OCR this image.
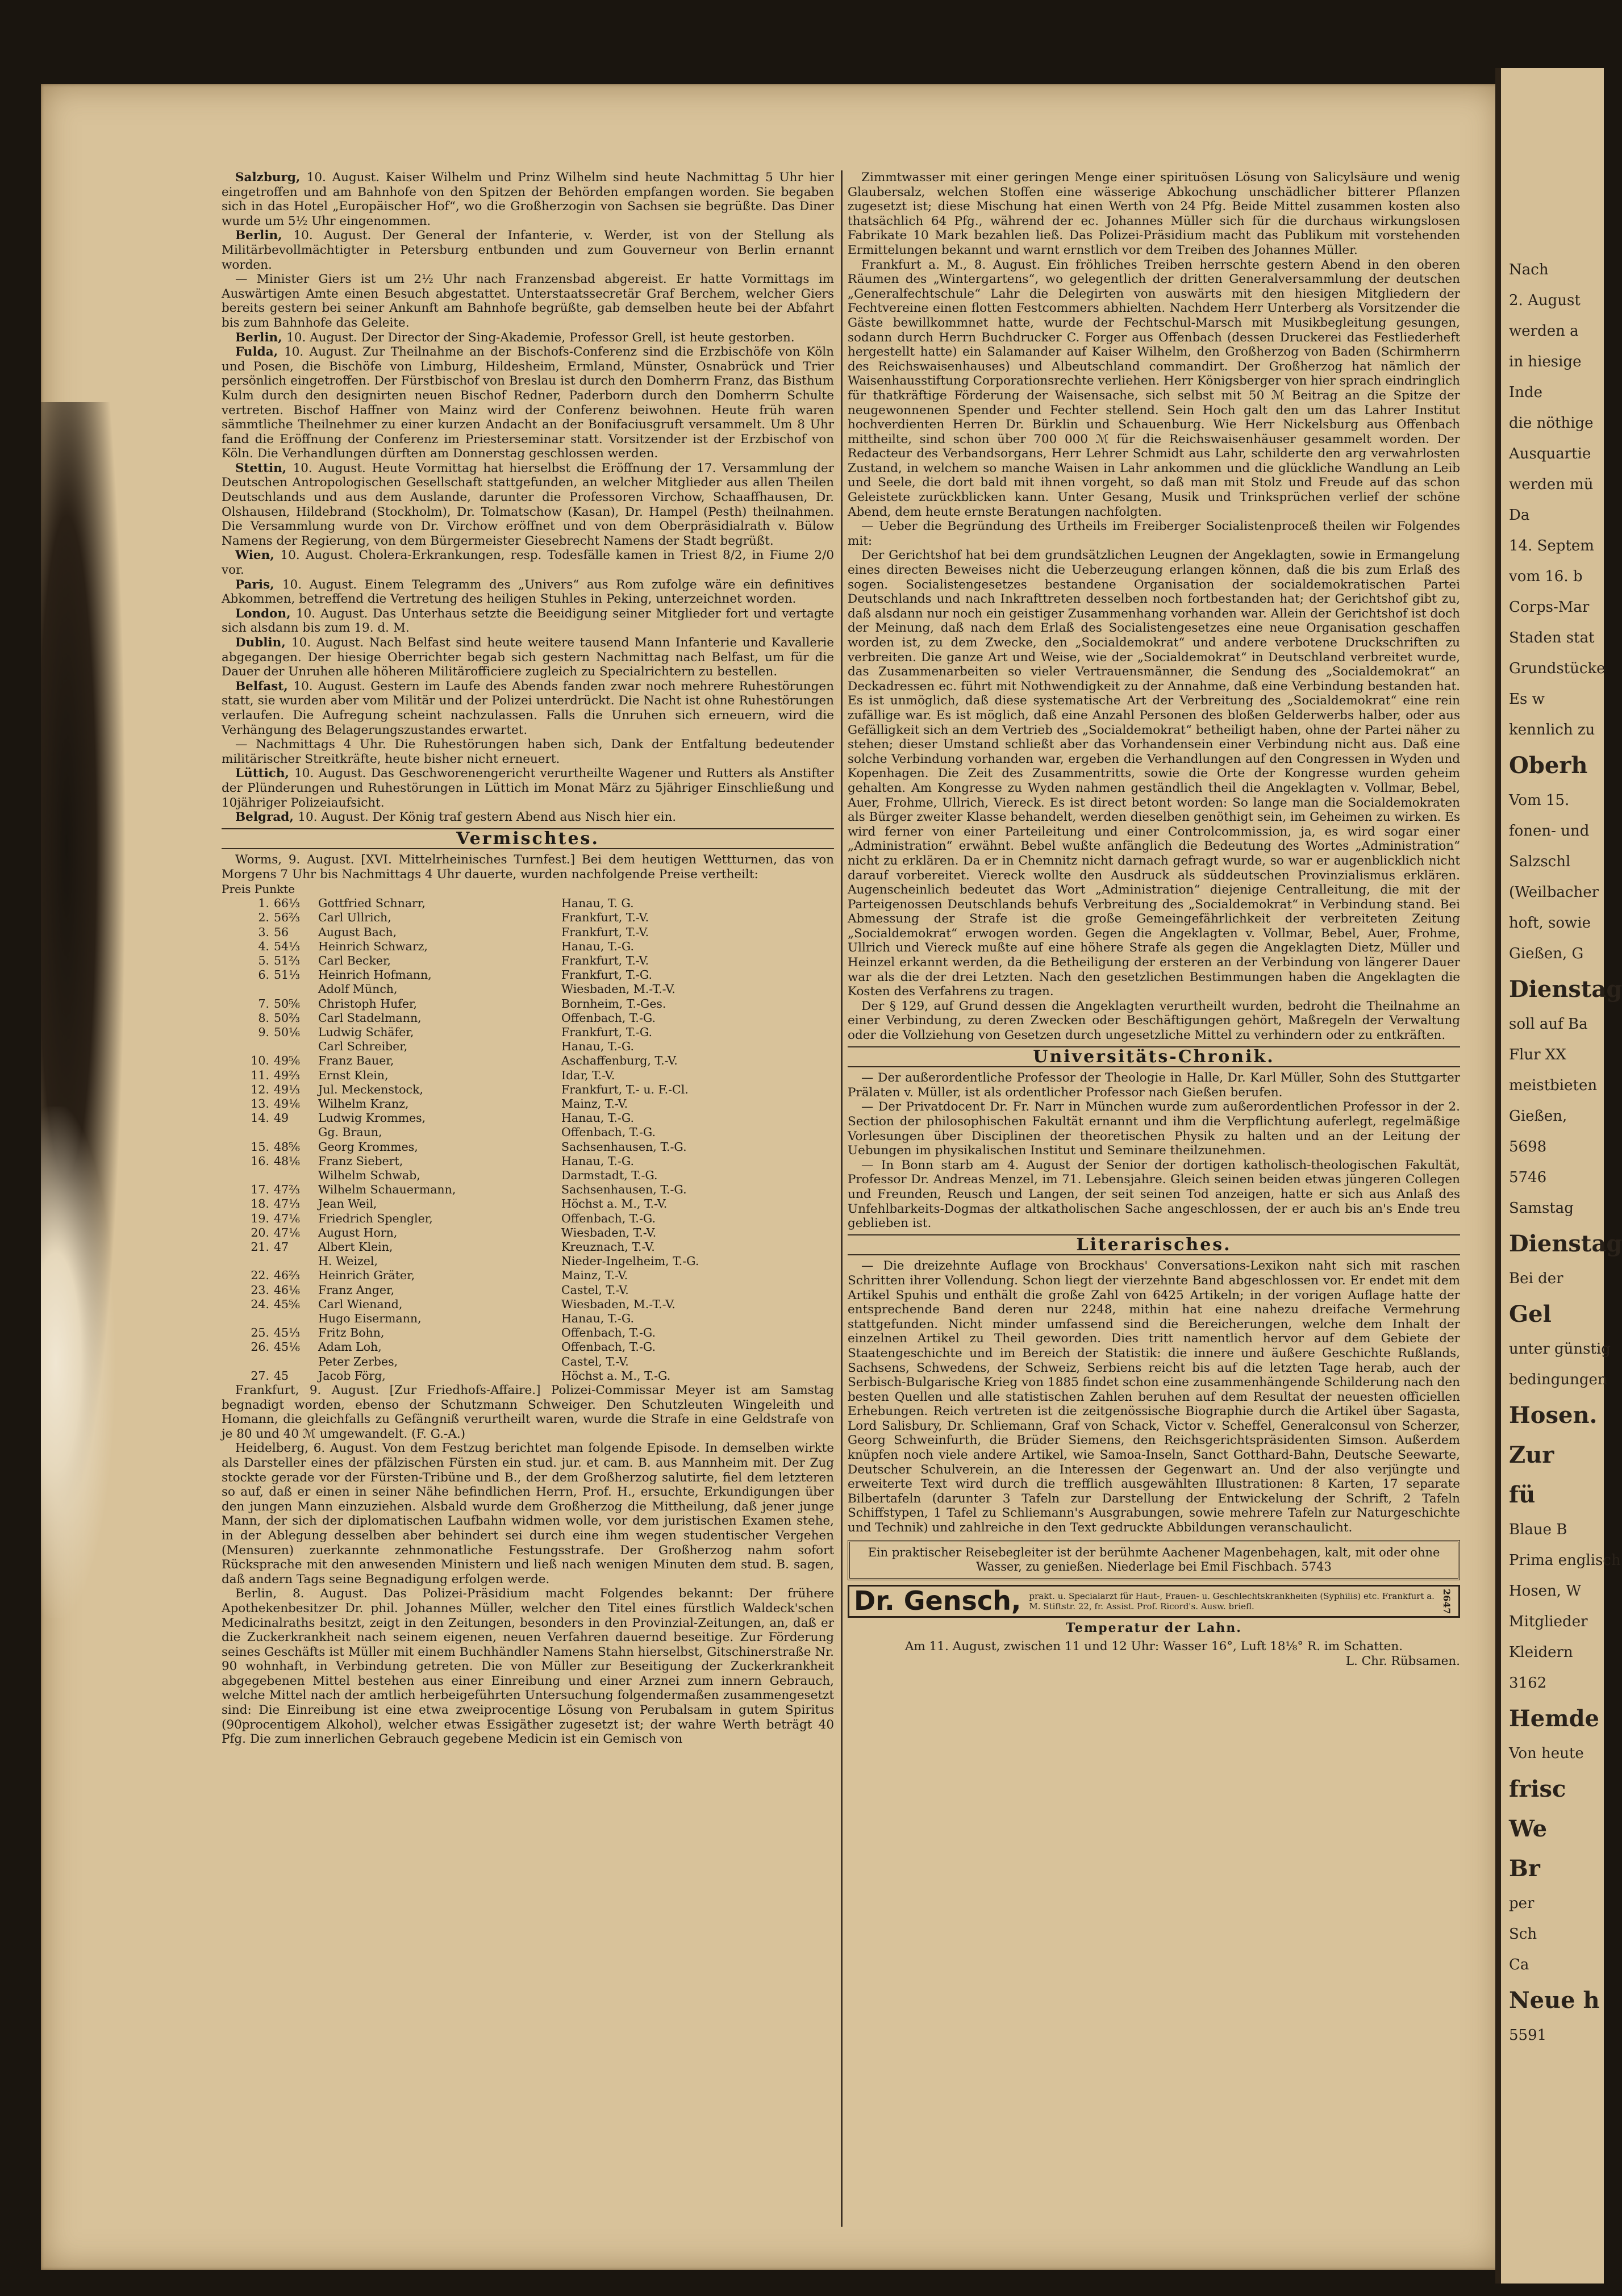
Nach
2. August
werden a
in hiesige
Inde
die nöthige
Ausquartie
werden mü
Da
14. Septem
vom 16. b
Corps-Mar
Staden stat
Grundstücke
Es w
kennlich zu
Oberh
Vom 15.
fonen- und
Salzschl
(Weilbacher
hoft, sowie
Gießen, G
Dienstag
soll auf Ba
Flur XX
meistbieten
Gießen,
5698
5746
Samstag
Dienstag
Bei der
Gel
unter günstig
bedingungen
Hosen.
Zur
fü
Blaue B
Prima englisch
Hosen, W
Mitglieder
Kleidern
3162
Hemde
Von heute
frisc
We
Br
per
Sch
Ca
Neue h
5591

Salzburg, 10. August. Kaiser Wilhelm und Prinz Wilhelm sind heute Nachmittag 5 Uhr hier eingetroffen und am Bahnhofe von den Spitzen der Behörden empfangen worden. Sie begaben sich in das Hotel „Europäischer Hof“, wo die Großherzogin von Sachsen sie begrüßte. Das Diner wurde um 5½ Uhr eingenommen.

Berlin, 10. August. Der General der Infanterie, v. Werder, ist von der Stellung als Militärbevollmächtigter in Petersburg entbunden und zum Gouverneur von Berlin ernannt worden.

— Minister Giers ist um 2½ Uhr nach Franzensbad abgereist. Er hatte Vormittags im Auswärtigen Amte einen Besuch abgestattet. Unterstaatssecretär Graf Berchem, welcher Giers bereits gestern bei seiner Ankunft am Bahnhofe begrüßte, gab demselben heute bei der Abfahrt bis zum Bahnhofe das Geleite.

Berlin, 10. August. Der Director der Sing-Akademie, Professor Grell, ist heute gestorben.

Fulda, 10. August. Zur Theilnahme an der Bischofs-Conferenz sind die Erzbischöfe von Köln und Posen, die Bischöfe von Limburg, Hildesheim, Ermland, Münster, Osnabrück und Trier persönlich eingetroffen. Der Fürstbischof von Breslau ist durch den Domherrn Franz, das Bisthum Kulm durch den designirten neuen Bischof Redner, Paderborn durch den Domherrn Schulte vertreten. Bischof Haffner von Mainz wird der Conferenz beiwohnen. Heute früh waren sämmtliche Theilnehmer zu einer kurzen Andacht an der Bonifaciusgruft versammelt. Um 8 Uhr fand die Eröffnung der Conferenz im Priesterseminar statt. Vorsitzender ist der Erzbischof von Köln. Die Verhandlungen dürften am Donnerstag geschlossen werden.

Stettin, 10. August. Heute Vormittag hat hierselbst die Eröffnung der 17. Versammlung der Deutschen Antropologischen Gesellschaft stattgefunden, an welcher Mitglieder aus allen Theilen Deutschlands und aus dem Auslande, darunter die Professoren Virchow, Schaaffhausen, Dr. Olshausen, Hildebrand (Stockholm), Dr. Tolmatschow (Kasan), Dr. Hampel (Pesth) theilnahmen. Die Versammlung wurde von Dr. Virchow eröffnet und von dem Oberpräsidialrath v. Bülow Namens der Regierung, von dem Bürgermeister Giesebrecht Namens der Stadt begrüßt.

Wien, 10. August. Cholera-Erkrankungen, resp. Todesfälle kamen in Triest 8/2, in Fiume 2/0 vor.

Paris, 10. August. Einem Telegramm des „Univers“ aus Rom zufolge wäre ein definitives Abkommen, betreffend die Vertretung des heiligen Stuhles in Peking, unterzeichnet worden.

London, 10. August. Das Unterhaus setzte die Beeidigung seiner Mitglieder fort und vertagte sich alsdann bis zum 19. d. M.

Dublin, 10. August. Nach Belfast sind heute weitere tausend Mann Infanterie und Kavallerie abgegangen. Der hiesige Oberrichter begab sich gestern Nachmittag nach Belfast, um für die Dauer der Unruhen alle höheren Militärofficiere zugleich zu Specialrichtern zu bestellen.

Belfast, 10. August. Gestern im Laufe des Abends fanden zwar noch mehrere Ruhestörungen statt, sie wurden aber vom Militär und der Polizei unterdrückt. Die Nacht ist ohne Ruhestörungen verlaufen. Die Aufregung scheint nachzulassen. Falls die Unruhen sich erneuern, wird die Verhängung des Belagerungszustandes erwartet.

— Nachmittags 4 Uhr. Die Ruhestörungen haben sich, Dank der Entfaltung bedeutender militärischer Streitkräfte, heute bisher nicht erneuert.

Lüttich, 10. August. Das Geschworenengericht verurtheilte Wagener und Rutters als Anstifter der Plünderungen und Ruhestörungen in Lüttich im Monat März zu 5jähriger Einschließung und 10jähriger Polizeiaufsicht.

Belgrad, 10. August. Der König traf gestern Abend aus Nisch hier ein.

Vermischtes.

Worms, 9. August. [XVI. Mittelrheinisches Turnfest.] Bei dem heutigen Wettturnen, das von Morgens 7 Uhr bis Nachmittags 4 Uhr dauerte, wurden nachfolgende Preise vertheilt:

Preis Punkte
1.	66⅓	Gottfried Schnarr,	Hanau, T. G.
2.	56⅔	Carl Ullrich,	Frankfurt, T.-V.
3.	56	August Bach,	Frankfurt, T.-V.
4.	54⅓	Heinrich Schwarz,	Hanau, T.-G.
5.	51⅔	Carl Becker,	Frankfurt, T.-V.
6.	51⅓	Heinrich Hofmann,	Frankfurt, T.-G.
		Adolf Münch,	Wiesbaden, M.-T.-V.
7.	50⅚	Christoph Hufer,	Bornheim, T.-Ges.
8.	50⅔	Carl Stadelmann,	Offenbach, T.-G.
9.	50⅙	Ludwig Schäfer,	Frankfurt, T.-G.
		Carl Schreiber,	Hanau, T.-G.
10.	49⅚	Franz Bauer,	Aschaffenburg, T.-V.
11.	49⅔	Ernst Klein,	Idar, T.-V.
12.	49⅓	Jul. Meckenstock,	Frankfurt, T.- u. F.-Cl.
13.	49⅙	Wilhelm Kranz,	Mainz, T.-V.
14.	49	Ludwig Krommes,	Hanau, T.-G.
		Gg. Braun,	Offenbach, T.-G.
15.	48⅚	Georg Krommes,	Sachsenhausen, T.-G.
16.	48⅙	Franz Siebert,	Hanau, T.-G.
		Wilhelm Schwab,	Darmstadt, T.-G.
17.	47⅔	Wilhelm Schauermann,	Sachsenhausen, T.-G.
18.	47⅓	Jean Weil,	Höchst a. M., T.-V.
19.	47⅙	Friedrich Spengler,	Offenbach, T.-G.
20.	47⅙	August Horn,	Wiesbaden, T.-V.
21.	47	Albert Klein,	Kreuznach, T.-V.
		H. Weizel,	Nieder-Ingelheim, T.-G.
22.	46⅔	Heinrich Gräter,	Mainz, T.-V.
23.	46⅙	Franz Anger,	Castel, T.-V.
24.	45⅚	Carl Wienand,	Wiesbaden, M.-T.-V.
		Hugo Eisermann,	Hanau, T.-G.
25.	45⅓	Fritz Bohn,	Offenbach, T.-G.
26.	45⅙	Adam Loh,	Offenbach, T.-G.
		Peter Zerbes,	Castel, T.-V.
27.	45	Jacob Förg,	Höchst a. M., T.-G.

Frankfurt, 9. August. [Zur Friedhofs-Affaire.] Polizei-Commissar Meyer ist am Samstag begnadigt worden, ebenso der Schutzmann Schweiger. Den Schutzleuten Wingeleith und Homann, die gleichfalls zu Gefängniß verurtheilt waren, wurde die Strafe in eine Geldstrafe von je 80 und 40 ℳ umgewandelt. (F. G.-A.)

Heidelberg, 6. August. Von dem Festzug berichtet man folgende Episode. In demselben wirkte als Darsteller eines der pfälzischen Fürsten ein stud. jur. et cam. B. aus Mannheim mit. Der Zug stockte gerade vor der Fürsten-Tribüne und B., der dem Großherzog salutirte, fiel dem letzteren so auf, daß er einen in seiner Nähe befindlichen Herrn, Prof. H., ersuchte, Erkundigungen über den jungen Mann einzuziehen. Alsbald wurde dem Großherzog die Mittheilung, daß jener junge Mann, der sich der diplomatischen Laufbahn widmen wolle, vor dem juristischen Examen stehe, in der Ablegung desselben aber behindert sei durch eine ihm wegen studentischer Vergehen (Mensuren) zuerkannte zehnmonatliche Festungsstrafe. Der Großherzog nahm sofort Rücksprache mit den anwesenden Ministern und ließ nach wenigen Minuten dem stud. B. sagen, daß andern Tags seine Begnadigung erfolgen werde.

Berlin, 8. August. Das Polizei-Präsidium macht Folgendes bekannt: Der frühere Apothekenbesitzer Dr. phil. Johannes Müller, welcher den Titel eines fürstlich Waldeck'schen Medicinalraths besitzt, zeigt in den Zeitungen, besonders in den Provinzial-Zeitungen, an, daß er die Zuckerkrankheit nach seinem eigenen, neuen Verfahren dauernd beseitige. Zur Förderung seines Geschäfts ist Müller mit einem Buchhändler Namens Stahn hierselbst, Gitschinerstraße Nr. 90 wohnhaft, in Verbindung getreten. Die von Müller zur Beseitigung der Zuckerkrankheit abgegebenen Mittel bestehen aus einer Einreibung und einer Arznei zum innern Gebrauch, welche Mittel nach der amtlich herbeigeführten Untersuchung folgendermaßen zusammengesetzt sind: Die Einreibung ist eine etwa zweiprocentige Lösung von Perubalsam in gutem Spiritus (90procentigem Alkohol), welcher etwas Essigäther zugesetzt ist; der wahre Werth beträgt 40 Pfg. Die zum innerlichen Gebrauch gegebene Medicin ist ein Gemisch von

Zimmtwasser mit einer geringen Menge einer spirituösen Lösung von Salicylsäure und wenig Glaubersalz, welchen Stoffen eine wässerige Abkochung unschädlicher bitterer Pflanzen zugesetzt ist; diese Mischung hat einen Werth von 24 Pfg. Beide Mittel zusammen kosten also thatsächlich 64 Pfg., während der ec. Johannes Müller sich für die durchaus wirkungslosen Fabrikate 10 Mark bezahlen ließ. Das Polizei-Präsidium macht das Publikum mit vorstehenden Ermittelungen bekannt und warnt ernstlich vor dem Treiben des Johannes Müller.

Frankfurt a. M., 8. August. Ein fröhliches Treiben herrschte gestern Abend in den oberen Räumen des „Wintergartens“, wo gelegentlich der dritten Generalversammlung der deutschen „Generalfechtschule“ Lahr die Delegirten von auswärts mit den hiesigen Mitgliedern der Fechtvereine einen flotten Festcommers abhielten. Nachdem Herr Unterberg als Vorsitzender die Gäste bewillkommnet hatte, wurde der Fechtschul-Marsch mit Musikbegleitung gesungen, sodann durch Herrn Buchdrucker C. Forger aus Offenbach (dessen Druckerei das Festliederheft hergestellt hatte) ein Salamander auf Kaiser Wilhelm, den Großherzog von Baden (Schirmherrn des Reichswaisenhauses) und Albeutschland commandirt. Der Großherzog hat nämlich der Waisenhausstiftung Corporationsrechte verliehen. Herr Königsberger von hier sprach eindringlich für thatkräftige Förderung der Waisensache, sich selbst mit 50 ℳ Beitrag an die Spitze der neugewonnenen Spender und Fechter stellend. Sein Hoch galt den um das Lahrer Institut hochverdienten Herren Dr. Bürklin und Schauenburg. Wie Herr Nickelsburg aus Offenbach mittheilte, sind schon über 700 000 ℳ für die Reichswaisenhäuser gesammelt worden. Der Redacteur des Verbandsorgans, Herr Lehrer Schmidt aus Lahr, schilderte den arg verwahrlosten Zustand, in welchem so manche Waisen in Lahr ankommen und die glückliche Wandlung an Leib und Seele, die dort bald mit ihnen vorgeht, so daß man mit Stolz und Freude auf das schon Geleistete zurückblicken kann. Unter Gesang, Musik und Trinksprüchen verlief der schöne Abend, dem heute ernste Beratungen nachfolgten.

— Ueber die Begründung des Urtheils im Freiberger Socialistenproceß theilen wir Folgendes mit:

Der Gerichtshof hat bei dem grundsätzlichen Leugnen der Angeklagten, sowie in Ermangelung eines directen Beweises nicht die Ueberzeugung erlangen können, daß die bis zum Erlaß des sogen. Socialistengesetzes bestandene Organisation der socialdemokratischen Partei Deutschlands und nach Inkrafttreten desselben noch fortbestanden hat; der Gerichtshof gibt zu, daß alsdann nur noch ein geistiger Zusammenhang vorhanden war. Allein der Gerichtshof ist doch der Meinung, daß nach dem Erlaß des Socialistengesetzes eine neue Organisation geschaffen worden ist, zu dem Zwecke, den „Socialdemokrat“ und andere verbotene Druckschriften zu verbreiten. Die ganze Art und Weise, wie der „Socialdemokrat“ in Deutschland verbreitet wurde, das Zusammenarbeiten so vieler Vertrauensmänner, die Sendung des „Socialdemokrat“ an Deckadressen ec. führt mit Nothwendigkeit zu der Annahme, daß eine Verbindung bestanden hat. Es ist unmöglich, daß diese systematische Art der Verbreitung des „Socialdemokrat“ eine rein zufällige war. Es ist möglich, daß eine Anzahl Personen des bloßen Gelderwerbs halber, oder aus Gefälligkeit sich an dem Vertrieb des „Socialdemokrat“ betheiligt haben, ohne der Partei näher zu stehen; dieser Umstand schließt aber das Vorhandensein einer Verbindung nicht aus. Daß eine solche Verbindung vorhanden war, ergeben die Verhandlungen auf den Congressen in Wyden und Kopenhagen. Die Zeit des Zusammentritts, sowie die Orte der Kongresse wurden geheim gehalten. Am Kongresse zu Wyden nahmen geständlich theil die Angeklagten v. Vollmar, Bebel, Auer, Frohme, Ullrich, Viereck. Es ist direct betont worden: So lange man die Socialdemokraten als Bürger zweiter Klasse behandelt, werden dieselben genöthigt sein, im Geheimen zu wirken. Es wird ferner von einer Parteileitung und einer Controlcommission, ja, es wird sogar einer „Administration“ erwähnt. Bebel wußte anfänglich die Bedeutung des Wortes „Administration“ nicht zu erklären. Da er in Chemnitz nicht darnach gefragt wurde, so war er augenblicklich nicht darauf vorbereitet. Viereck wollte den Ausdruck als süddeutschen Provinzialismus erklären. Augenscheinlich bedeutet das Wort „Administration“ diejenige Centralleitung, die mit der Parteigenossen Deutschlands behufs Verbreitung des „Socialdemokrat“ in Verbindung stand. Bei Abmessung der Strafe ist die große Gemeingefährlichkeit der verbreiteten Zeitung „Socialdemokrat“ erwogen worden. Gegen die Angeklagten v. Vollmar, Bebel, Auer, Frohme, Ullrich und Viereck mußte auf eine höhere Strafe als gegen die Angeklagten Dietz, Müller und Heinzel erkannt werden, da die Betheiligung der ersteren an der Verbindung von längerer Dauer war als die der drei Letzten. Nach den gesetzlichen Bestimmungen haben die Angeklagten die Kosten des Verfahrens zu tragen.

Der § 129, auf Grund dessen die Angeklagten verurtheilt wurden, bedroht die Theilnahme an einer Verbindung, zu deren Zwecken oder Beschäftigungen gehört, Maßregeln der Verwaltung oder die Vollziehung von Gesetzen durch ungesetzliche Mittel zu verhindern oder zu entkräften.

Universitäts-Chronik.

— Der außerordentliche Professor der Theologie in Halle, Dr. Karl Müller, Sohn des Stuttgarter Prälaten v. Müller, ist als ordentlicher Professor nach Gießen berufen.

— Der Privatdocent Dr. Fr. Narr in München wurde zum außerordentlichen Professor in der 2. Section der philosophischen Fakultät ernannt und ihm die Verpflichtung auferlegt, regelmäßige Vorlesungen über Disciplinen der theoretischen Physik zu halten und an der Leitung der Uebungen im physikalischen Institut und Seminare theilzunehmen.

— In Bonn starb am 4. August der Senior der dortigen katholisch-theologischen Fakultät, Professor Dr. Andreas Menzel, im 71. Lebensjahre. Gleich seinen beiden etwas jüngeren Collegen und Freunden, Reusch und Langen, der seit seinen Tod anzeigen, hatte er sich aus Anlaß des Unfehlbarkeits-Dogmas der altkatholischen Sache angeschlossen, der er auch bis an's Ende treu geblieben ist.

Literarisches.

— Die dreizehnte Auflage von Brockhaus' Conversations-Lexikon naht sich mit raschen Schritten ihrer Vollendung. Schon liegt der vierzehnte Band abgeschlossen vor. Er endet mit dem Artikel Spuhis und enthält die große Zahl von 6425 Artikeln; in der vorigen Auflage hatte der entsprechende Band deren nur 2248, mithin hat eine nahezu dreifache Vermehrung stattgefunden. Nicht minder umfassend sind die Bereicherungen, welche dem Inhalt der einzelnen Artikel zu Theil geworden. Dies tritt namentlich hervor auf dem Gebiete der Staatengeschichte und im Bereich der Statistik: die innere und äußere Geschichte Rußlands, Sachsens, Schwedens, der Schweiz, Serbiens reicht bis auf die letzten Tage herab, auch der Serbisch-Bulgarische Krieg von 1885 findet schon eine zusammenhängende Schilderung nach den besten Quellen und alle statistischen Zahlen beruhen auf dem Resultat der neuesten officiellen Erhebungen. Reich vertreten ist die zeitgenössische Biographie durch die Artikel über Sagasta, Lord Salisbury, Dr. Schliemann, Graf von Schack, Victor v. Scheffel, Generalconsul von Scherzer, Georg Schweinfurth, die Brüder Siemens, den Reichsgerichtspräsidenten Simson. Außerdem knüpfen noch viele andere Artikel, wie Samoa-Inseln, Sanct Gotthard-Bahn, Deutsche Seewarte, Deutscher Schulverein, an die Interessen der Gegenwart an. Und der also verjüngte und erweiterte Text wird durch die trefflich ausgewählten Illustrationen: 8 Karten, 17 separate Bilbertafeln (darunter 3 Tafeln zur Darstellung der Entwickelung der Schrift, 2 Tafeln Schiffstypen, 1 Tafel zu Schliemann's Ausgrabungen, sowie mehrere Tafeln zur Naturgeschichte und Technik) und zahlreiche in den Text gedruckte Abbildungen veranschaulicht.

Ein praktischer Reisebegleiter ist der berühmte Aachener Magenbehagen, kalt, mit oder ohne Wasser, zu genießen. Niederlage bei Emil Fischbach. 5743
Dr. Gensch, prakt. u. Specialarzt für Haut-, Frauen- u. Geschlechtskrankheiten (Syphilis) etc. Frankfurt a. M. Stiftstr. 22, fr. Assist. Prof. Ricord's. Ausw. briefl.	2647
Temperatur der Lahn.

Am 11. August, zwischen 11 und 12 Uhr: Wasser 16°, Luft 18⅛° R. im Schatten.

L. Chr. Rübsamen.
